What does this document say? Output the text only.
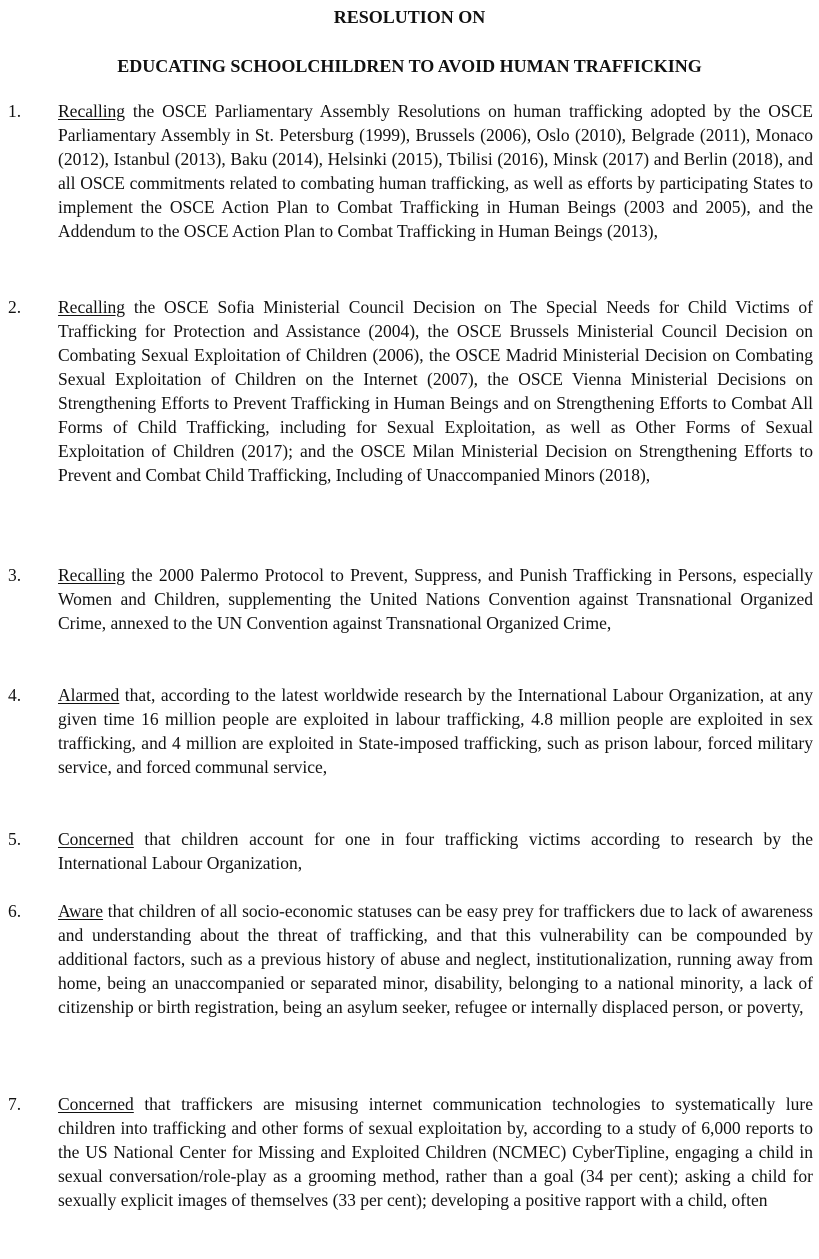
RESOLUTION ON
EDUCATING SCHOOLCHILDREN TO AVOID HUMAN TRAFFICKING
1. Recalling the OSCE Parliamentary Assembly Resolutions on human trafficking adopted by the OSCE Parliamentary Assembly in St. Petersburg (1999), Brussels (2006), Oslo (2010), Belgrade (2011), Monaco (2012), Istanbul (2013), Baku (2014), Helsinki (2015), Tbilisi (2016), Minsk (2017) and Berlin (2018), and all OSCE commitments related to combating human trafficking, as well as efforts by participating States to implement the OSCE Action Plan to Combat Trafficking in Human Beings (2003 and 2005), and the Addendum to the OSCE Action Plan to Combat Trafficking in Human Beings (2013),
2. Recalling the OSCE Sofia Ministerial Council Decision on The Special Needs for Child Victims of Trafficking for Protection and Assistance (2004), the OSCE Brussels Ministerial Council Decision on Combating Sexual Exploitation of Children (2006), the OSCE Madrid Ministerial Decision on Combating Sexual Exploitation of Children on the Internet (2007), the OSCE Vienna Ministerial Decisions on Strengthening Efforts to Prevent Trafficking in Human Beings and on Strengthening Efforts to Combat All Forms of Child Trafficking, including for Sexual Exploitation, as well as Other Forms of Sexual Exploitation of Children (2017); and the OSCE Milan Ministerial Decision on Strengthening Efforts to Prevent and Combat Child Trafficking, Including of Unaccompanied Minors (2018),
3. Recalling the 2000 Palermo Protocol to Prevent, Suppress, and Punish Trafficking in Persons, especially Women and Children, supplementing the United Nations Convention against Transnational Organized Crime, annexed to the UN Convention against Transnational Organized Crime,
4. Alarmed that, according to the latest worldwide research by the International Labour Organization, at any given time 16 million people are exploited in labour trafficking, 4.8 million people are exploited in sex trafficking, and 4 million are exploited in State-imposed trafficking, such as prison labour, forced military service, and forced communal service,
5. Concerned that children account for one in four trafficking victims according to research by the International Labour Organization,
6. Aware that children of all socio-economic statuses can be easy prey for traffickers due to lack of awareness and understanding about the threat of trafficking, and that this vulnerability can be compounded by additional factors, such as a previous history of abuse and neglect, institutionalization, running away from home, being an unaccompanied or separated minor, disability, belonging to a national minority, a lack of citizenship or birth registration, being an asylum seeker, refugee or internally displaced person, or poverty,
7. Concerned that traffickers are misusing internet communication technologies to systematically lure children into trafficking and other forms of sexual exploitation by, according to a study of 6,000 reports to the US National Center for Missing and Exploited Children (NCMEC) CyberTipline, engaging a child in sexual conversation/role-play as a grooming method, rather than a goal (34 per cent); asking a child for sexually explicit images of themselves (33 per cent); developing a positive rapport with a child, often
